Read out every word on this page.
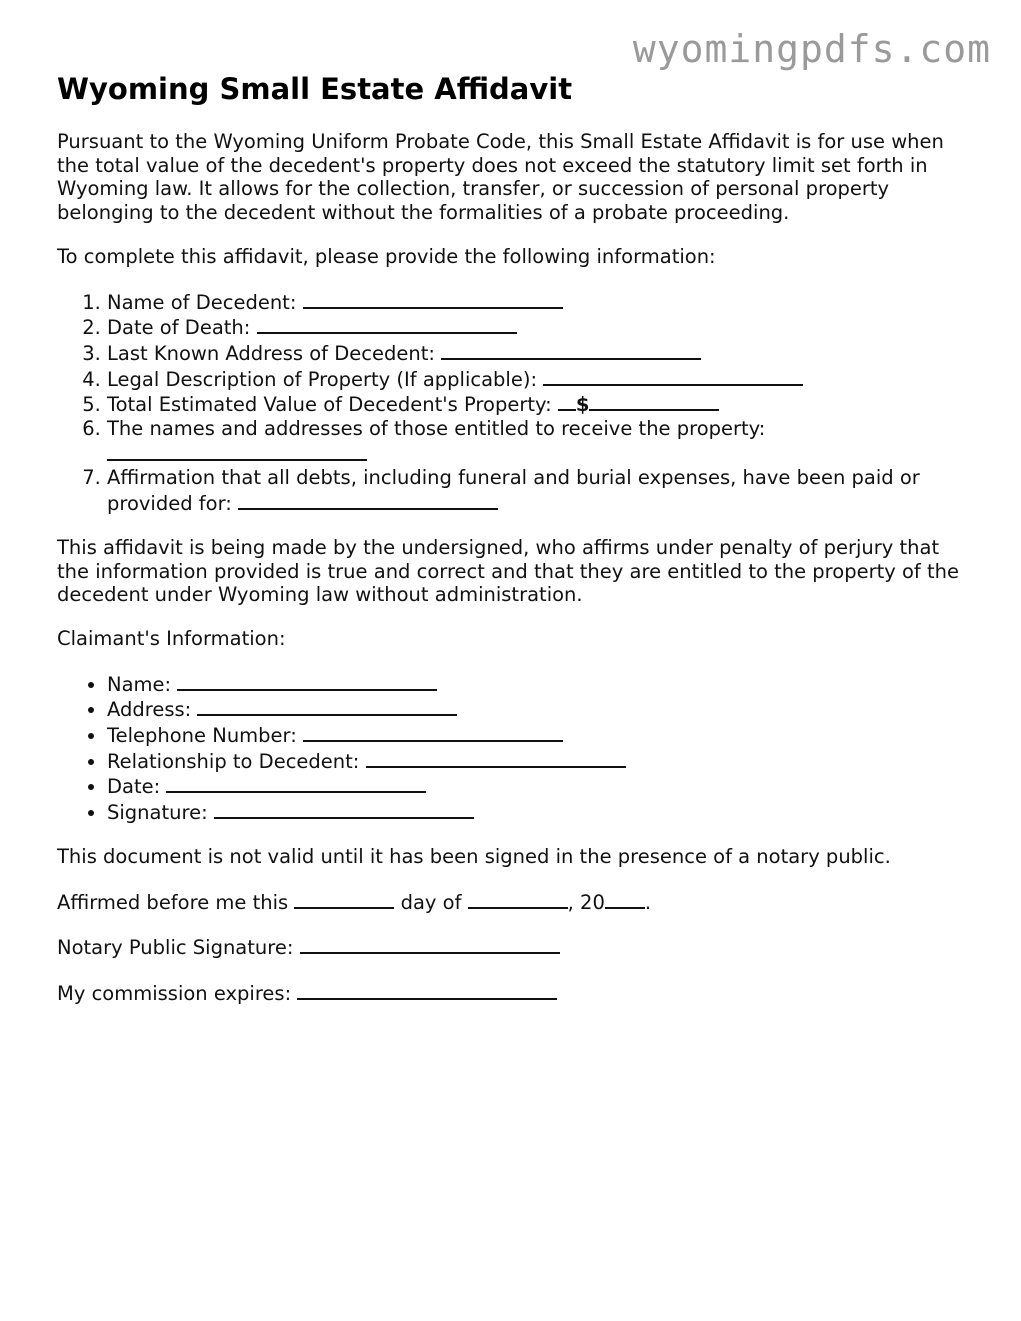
wyomingpdfs.com
Wyoming Small Estate Affidavit

Pursuant to the Wyoming Uniform Probate Code, this Small Estate Affidavit is for use when the total value of the decedent's property does not exceed the statutory limit set forth in Wyoming law. It allows for the collection, transfer, or succession of personal property belonging to the decedent without the formalities of a probate proceeding.

To complete this affidavit, please provide the following information:

1. Name of Decedent:
2. Date of Death:
3. Last Known Address of Decedent:
4. Legal Description of Property (If applicable):
5. Total Estimated Value of Decedent's Property: $
6. The names and addresses of those entitled to receive the property:
7. Affirmation that all debts, including funeral and burial expenses, have been paid or provided for:

This affidavit is being made by the undersigned, who affirms under penalty of perjury that the information provided is true and correct and that they are entitled to the property of the decedent under Wyoming law without administration.

Claimant's Information:

• Name:
• Address:
• Telephone Number:
• Relationship to Decedent:
• Date:
• Signature:

This document is not valid until it has been signed in the presence of a notary public.

Affirmed before me this	day of	, 20 .

Notary Public Signature:

My commission expires:
